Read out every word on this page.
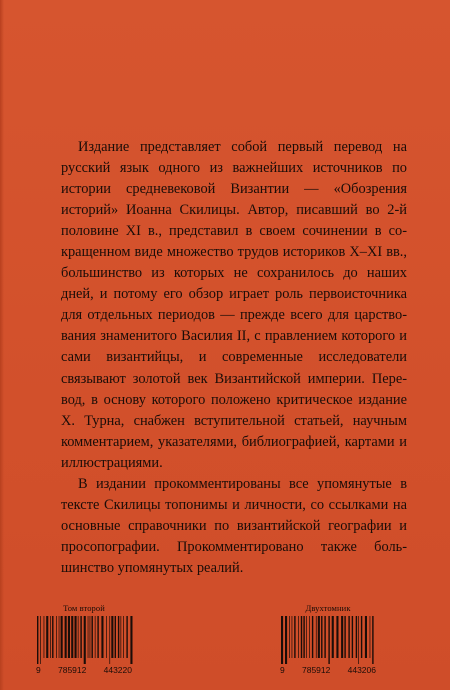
Издание представляет собой первый перевод на русский язык одного из важнейших источников по истории средневековой Византии — «Обозрения историй» Иоанна Скилицы. Автор, писавший во 2-й половине XI в., представил в своем сочинении в сокращенном виде множество трудов историков X–XI вв., большинство из которых не сохранилось до наших дней, и потому его обзор играет роль первоисточника для отдельных периодов — прежде всего для царствования знаменитого Василия II, с правлением которого и сами византийцы, и современные исследователи связывают золотой век Византийской империи. Перевод, в основу которого положено критическое издание Х. Турна, снабжен вступительной статьей, научным комментарием, указателями, библиографией, картами и иллюстрациями.

В издании прокомментированы все упомянутые в тексте Скилицы топонимы и личности, со ссылками на основные справочники по византийской географии и просопографии. Прокомментировано также большинство упомянутых реалий.

Том второй
9 785912 443220
Двухтомник
9 785912 443206
